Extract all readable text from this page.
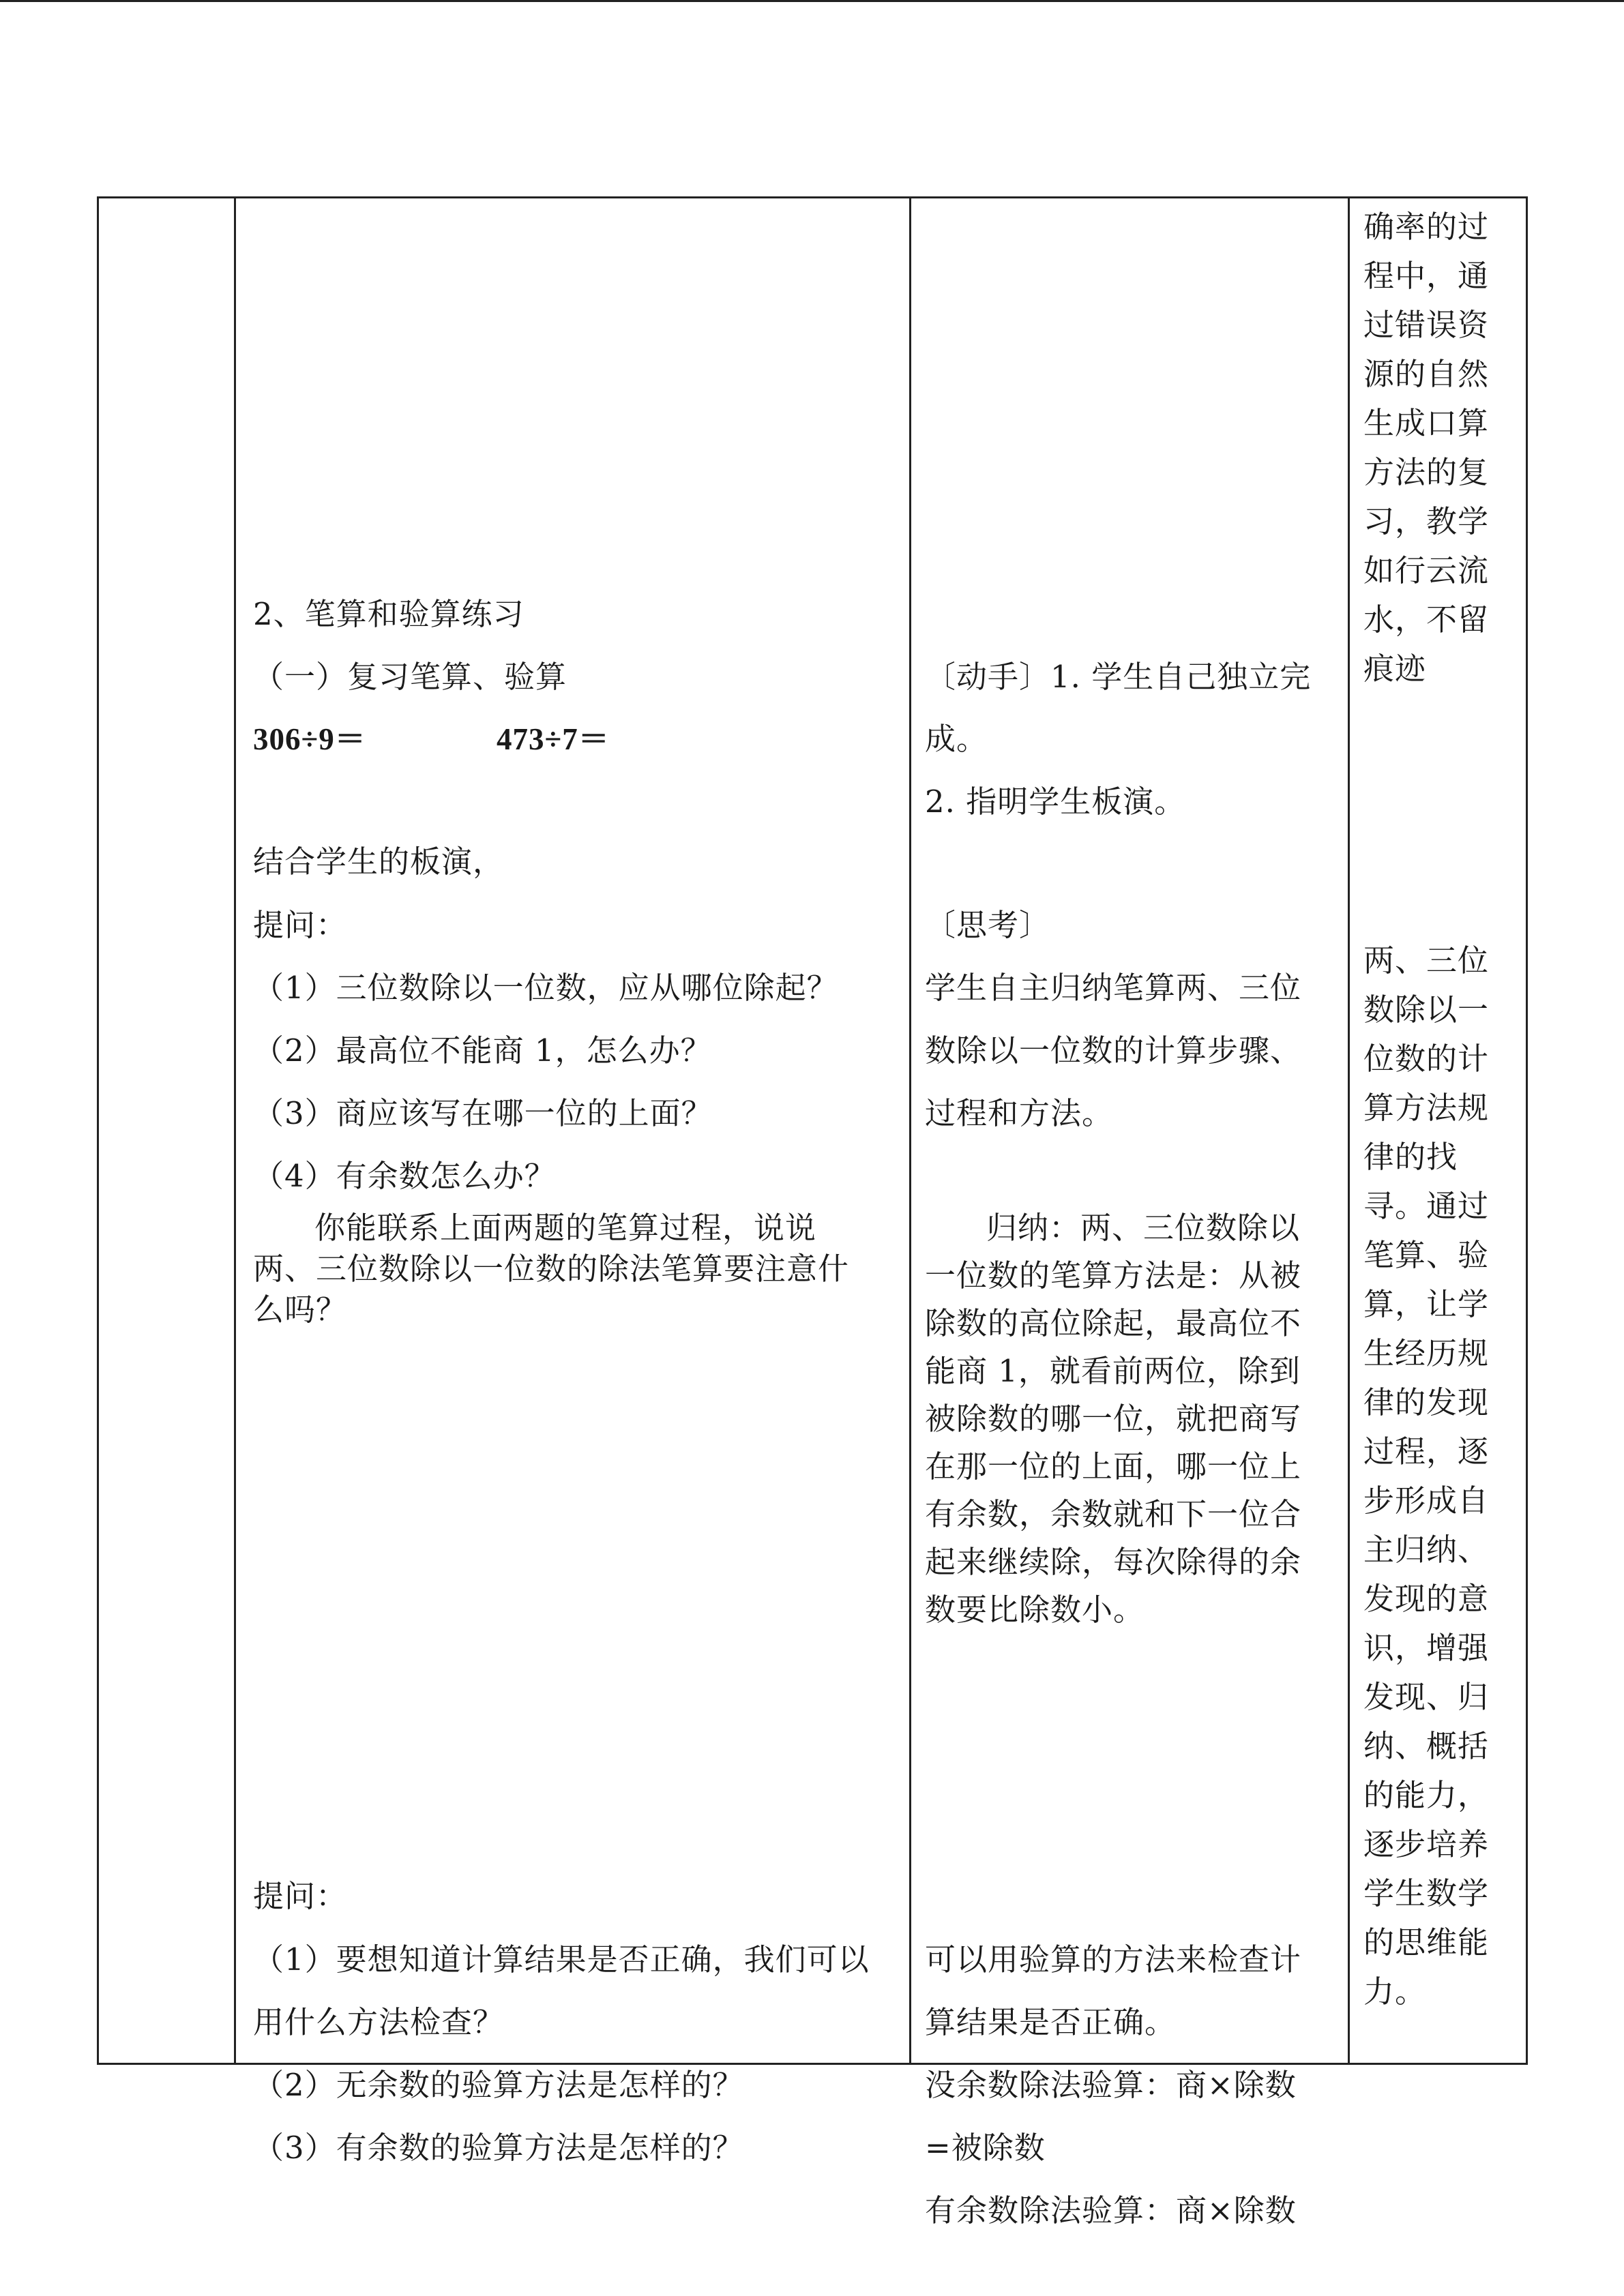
2、笔算和验算练习
（一）复习笔算、验算
306÷9＝	473÷7＝
结合学生的板演，
提问：
（1）三位数除以一位数，应从哪位除起？
（2）最高位不能商 1，怎么办？
（3）商应该写在哪一位的上面？
（4）有余数怎么办？
你能联系上面两题的笔算过程，说说
两、三位数除以一位数的除法笔算要注意什
么吗？
提问：
（1）要想知道计算结果是否正确，我们可以
用什么方法检查？
（2）无余数的验算方法是怎样的？
（3）有余数的验算方法是怎样的？
〔动手〕1. 学生自己独立完
成。
2. 指明学生板演。
〔思考〕
学生自主归纳笔算两、三位
数除以一位数的计算步骤、
过程和方法。
归纳：两、三位数除以
一位数的笔算方法是：从被
除数的高位除起，最高位不
能商 1，就看前两位，除到
被除数的哪一位，就把商写
在那一位的上面，哪一位上
有余数，余数就和下一位合
起来继续除，每次除得的余
数要比除数小。
可以用验算的方法来检查计
算结果是否正确。
没余数除法验算：商×除数
=被除数
有余数除法验算：商×除数
确率的过
程中，通
过错误资
源的自然
生成口算
方法的复
习，教学
如行云流
水，不留
痕迹
两、三位
数除以一
位数的计
算方法规
律的找
寻。通过
笔算、验
算，让学
生经历规
律的发现
过程，逐
步形成自
主归纳、
发现的意
识，增强
发现、归
纳、概括
的能力，
逐步培养
学生数学
的思维能
力。
